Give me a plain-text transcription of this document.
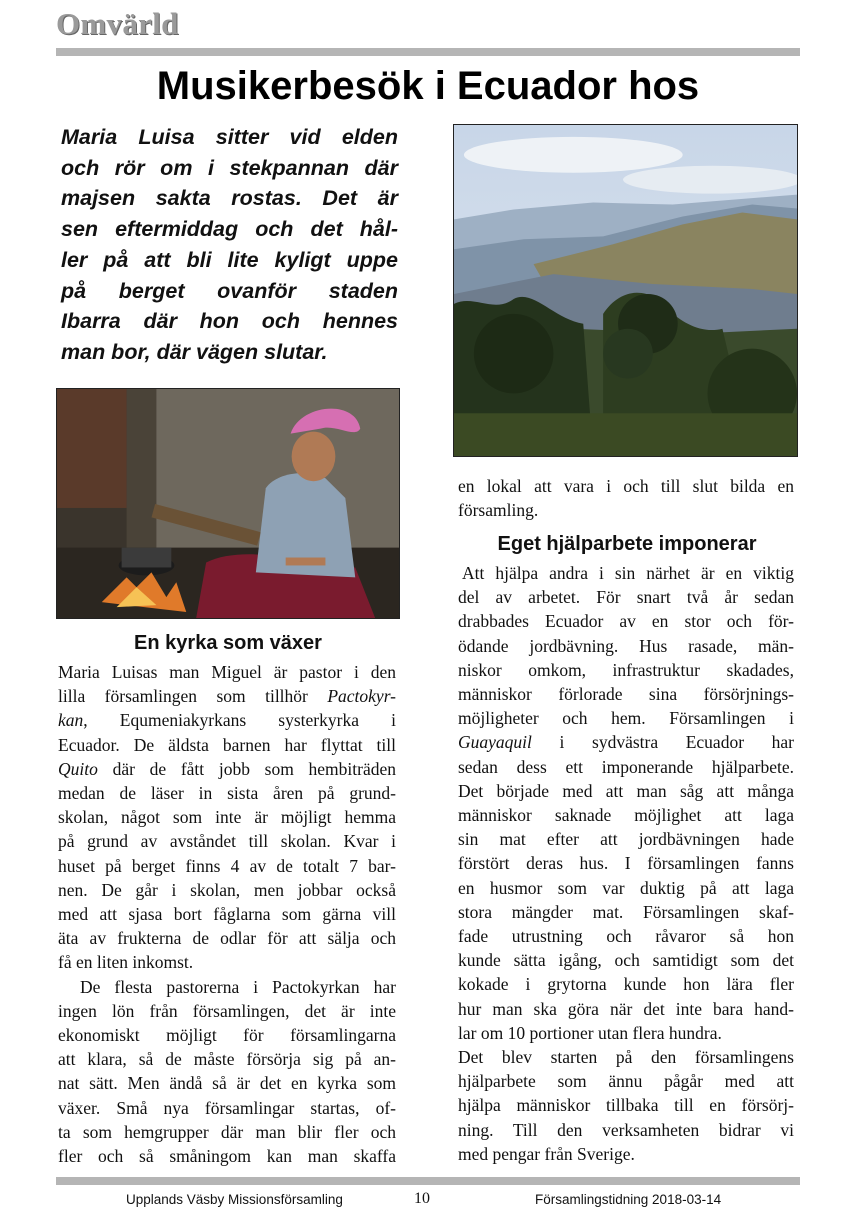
Omvärld
Musikerbesök i Ecuador hos
Maria Luisa sitter vid elden
och rör om i stekpannan där
majsen sakta rostas. Det är
sen eftermiddag och det hål-
ler på att bli lite kyligt uppe
på berget ovanför staden
Ibarra där hon och hennes
man bor, där vägen slutar.
En kyrka som växer
Maria Luisas man Miguel är pastor i den
lilla församlingen som tillhör Pactokyr-
kan, Equmeniakyrkans systerkyrka i
Ecuador. De äldsta barnen har flyttat till
Quito där de fått jobb som hembiträden
medan de läser in sista åren på grund-
skolan, något som inte är möjligt hemma
på grund av avståndet till skolan. Kvar i
huset på berget finns 4 av de totalt 7 bar-
nen. De går i skolan, men jobbar också
med att sjasa bort fåglarna som gärna vill
äta av frukterna de odlar för att sälja och
få en liten inkomst.
De flesta pastorerna i Pactokyrkan har
ingen lön från församlingen, det är inte
ekonomiskt möjligt för församlingarna
att klara, så de måste försörja sig på an-
nat sätt. Men ändå så är det en kyrka som
växer. Små nya församlingar startas, of-
ta som hemgrupper där man blir fler och
fler och så småningom kan man skaffa
en lokal att vara i och till slut bilda en
församling.
Eget hjälparbete imponerar
Att hjälpa andra i sin närhet är en viktig
del av arbetet. För snart två år sedan
drabbades Ecuador av en stor och för-
ödande jordbävning. Hus rasade, män-
niskor omkom, infrastruktur skadades,
människor förlorade sina försörjnings-
möjligheter och hem. Församlingen i
Guayaquil i sydvästra Ecuador har
sedan dess ett imponerande hjälparbete.
Det började med att man såg att många
människor saknade möjlighet att laga
sin mat efter att jordbävningen hade
förstört deras hus. I församlingen fanns
en husmor som var duktig på att laga
stora mängder mat. Församlingen skaf-
fade utrustning och råvaror så hon
kunde sätta igång, och samtidigt som det
kokade i grytorna kunde hon lära fler
hur man ska göra när det inte bara hand-
lar om 10 portioner utan flera hundra.
Det blev starten på den församlingens
hjälparbete som ännu pågår med att
hjälpa människor tillbaka till en försörj-
ning. Till den verksamheten bidrar vi
med pengar från Sverige.
Upplands Väsby Missionsförsamling	10	Församlingstidning 2018-03-14
